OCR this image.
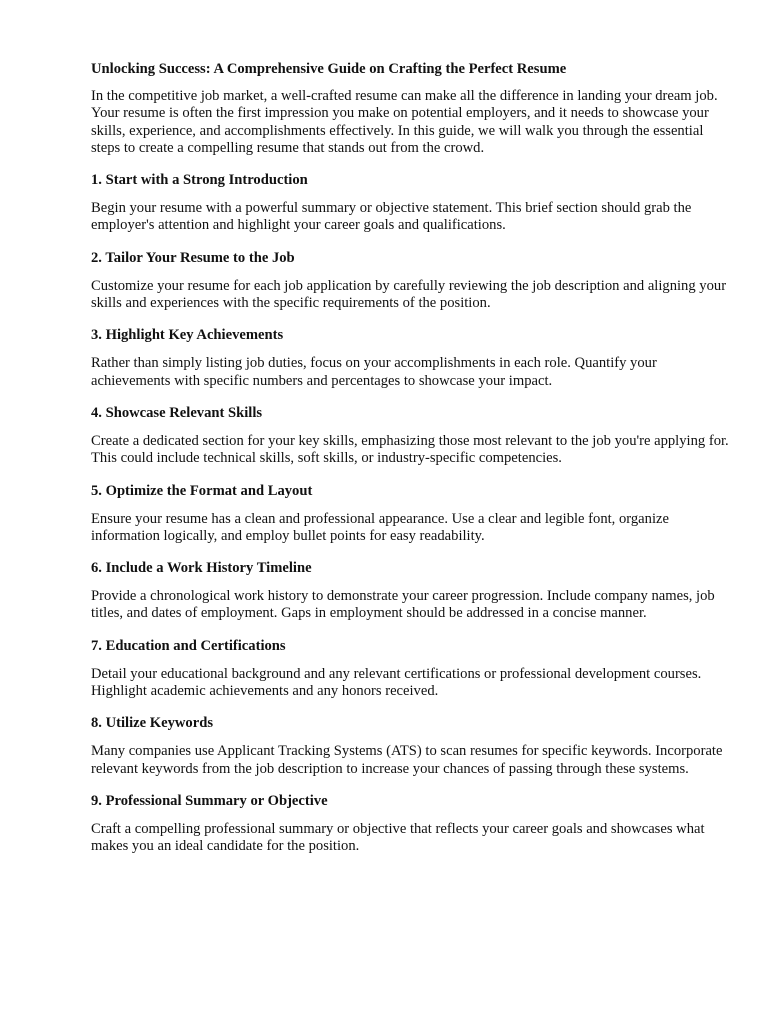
Unlocking Success: A Comprehensive Guide on Crafting the Perfect Resume
In the competitive job market, a well-crafted resume can make all the difference in landing your dream job. Your resume is often the first impression you make on potential employers, and it needs to showcase your skills, experience, and accomplishments effectively. In this guide, we will walk you through the essential steps to create a compelling resume that stands out from the crowd.
1. Start with a Strong Introduction
Begin your resume with a powerful summary or objective statement. This brief section should grab the employer's attention and highlight your career goals and qualifications.
2. Tailor Your Resume to the Job
Customize your resume for each job application by carefully reviewing the job description and aligning your skills and experiences with the specific requirements of the position.
3. Highlight Key Achievements
Rather than simply listing job duties, focus on your accomplishments in each role. Quantify your achievements with specific numbers and percentages to showcase your impact.
4. Showcase Relevant Skills
Create a dedicated section for your key skills, emphasizing those most relevant to the job you're applying for. This could include technical skills, soft skills, or industry-specific competencies.
5. Optimize the Format and Layout
Ensure your resume has a clean and professional appearance. Use a clear and legible font, organize information logically, and employ bullet points for easy readability.
6. Include a Work History Timeline
Provide a chronological work history to demonstrate your career progression. Include company names, job titles, and dates of employment. Gaps in employment should be addressed in a concise manner.
7. Education and Certifications
Detail your educational background and any relevant certifications or professional development courses. Highlight academic achievements and any honors received.
8. Utilize Keywords
Many companies use Applicant Tracking Systems (ATS) to scan resumes for specific keywords. Incorporate relevant keywords from the job description to increase your chances of passing through these systems.
9. Professional Summary or Objective
Craft a compelling professional summary or objective that reflects your career goals and showcases what makes you an ideal candidate for the position.
